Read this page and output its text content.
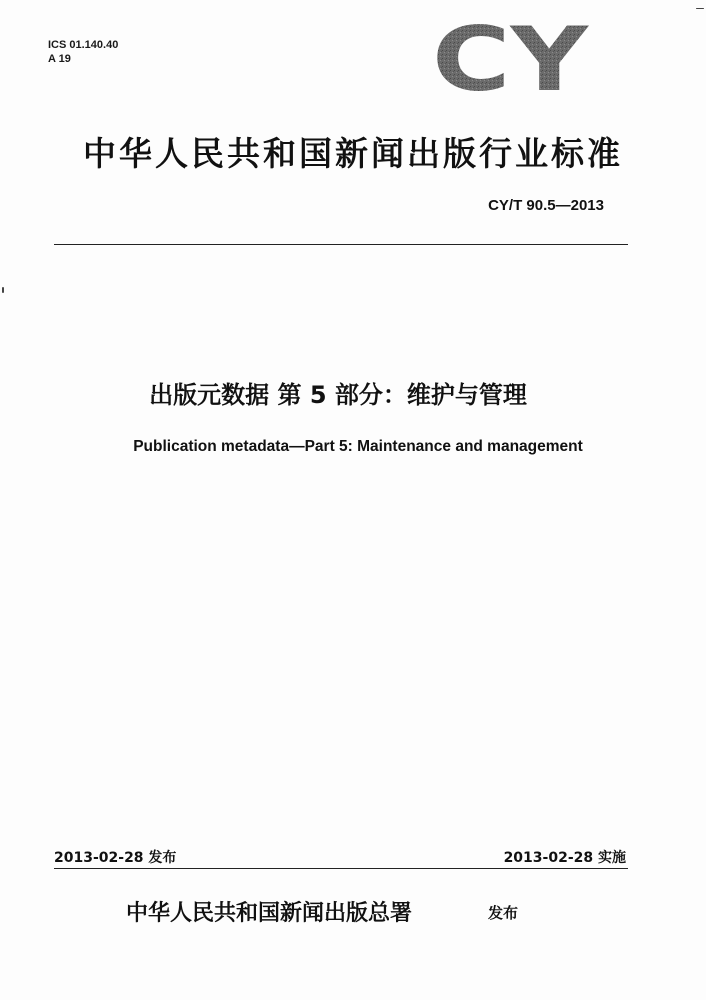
ICS 01.140.40
A 19	CY
中华人民共和国新闻出版行业标准
CY/T 90.5—2013
出版元数据 第 5 部分：维护与管理
Publication metadata—Part 5: Maintenance and management
2013-02-28 发布	2013-02-28 实施
中华人民共和国新闻出版总署	发布
